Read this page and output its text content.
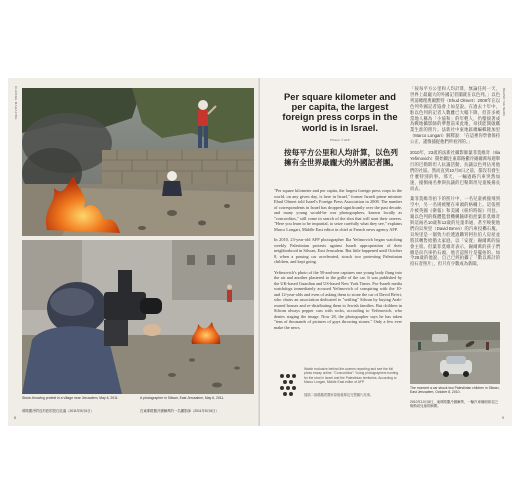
CHANGE MAGAZINE
Stone-throwing protest in a village near Jerusalem, May 6, 2011.
耶路撒冷附近村莊的投石抗議（2011年5月6日）
A photographer in Silwan, East Jerusalem, May 6, 2011.
在東耶路撒冷錫爾萬的一名攝影師（2011年5月6日）
8
Per square kilometer and per capita, the largest foreign press corps in the world is in Israel.
Photos: © AFP
按每平方公里和人均計算，以色列擁有全世界最龐大的外國記者團。

"Per square kilometer and per capita, the largest foreign press corps in the world, on any given day, is here in Israel," former Israeli prime minister Ehud Olmert told Israel's Foreign Press Association in 2008. The number of correspondents in Israel has dropped significantly over the past decade, and many young would-be war photographers, known locally as "concorditos," still come in search of the shot that will start their careers. "Here you learn to be impartial, to seize carefully what they see," explains Marco Longari, Middle East editor in chief at French news agency AFP.

In 2010, 23-year-old AFP photographer Ilia Yefimovich began watching weekly Palestinian protests against Israeli appropriation of their neighborhood in Silwan, East Jerusalem. But little happened until October 8, when a passing car accelerated, struck two protesting Palestinian children, and kept going.

Yefimovich's photo of the 50-and-one captures one young body flung into the air and another plastered to the grille of the car. It was published by the UK-based Guardian and US-based New York Times. Pro-Israeli media watchdogs immediately accused Yefimovich of conspiring with the 10- and 12-year-olds and even of asking them to stone the car of David Be'eri, who chairs an association dedicated to "settling" Silwan by buying Arab-owned houses and re-distributing them to Jewish families. But children in Silwan always pepper cars with rocks, according to Yefimovich, who denies staging the image. Now 28, the photographer says he has taken "tens of thousands of pictures of guys throwing stones." Only a few ever make the news.

「按每平方公里和人均計算，無論任何一天，世界上最龐大的外國記者團就在以色列。」以色列前總理奧爾默特（Ehud Olmert）2008年在以色列外國記者協會上如是說。在過去十年中，駐以色列的記者人數雖已大幅下降，但許多被當地人稱為「小協和」的年輕人，仍懷揣著成為戰地攝影師的夢想前來此地，尋找能開啟職業生涯的照片。法新社中東地區總編輯隆加里（Marco Longari）解釋說：「在這裡你學會保持公正，謹慎捕捉他們所看到的。」

2010年，23歲的法新社攝影師葉菲莫維奇（Ilia Yefimovich）開始關注東耶路撒冷錫爾萬每週舉行的巴勒斯坦人抗議活動，抗議以色列佔用他們的社區。然而直到10月8日之前，都沒有發生什麼特別的事。那天，一輛過路汽車突然加速，撞倒兩名參與抗議的巴勒斯坦兒童後揚長而去。

葉菲莫維奇拍下的照片中，一名兒童被撞飛到空中，另一名則被壓在車頭的格柵上。這張照片被英國《衛報》和美國《紐約時報》刊登。親以色列的媒體監督機構隨即指控葉菲莫維奇與這兩名10歲和12歲的兒童串通，甚至唆使他們向貝埃里（David Be'eri）的汽車投擲石塊。貝埃里是一個致力於透過購買阿拉伯人房屋並將其轉售給猶太家庭，以「安置」錫爾萬的協會主席。但葉菲莫維奇表示，錫爾萬的孩子們總是向汽車扔石頭，他否認照片是擺拍的。如今28歲的他說，自己已經拍攝了「數以萬計的投石者照片」，但只有少數成為新聞。

Watch exclusive behind-the-scenes reporting and see the full photo essay online. "Concorditos": Young photographers hunting for the shot in Israel and the Palestinian territories. According to Marco Longari, Middle East editor of AFP.
掃描二維碼觀看獨家幕後報導及完整圖片故事。
The moment a car struck two Palestinian children in Silwan, East Jerusalem, October 8, 2010.
2010年10月8日，東耶路撒冷錫爾萬，一輛汽車撞倒兩名巴勒斯坦兒童的瞬間。
BEHIND THE NEWS
9
